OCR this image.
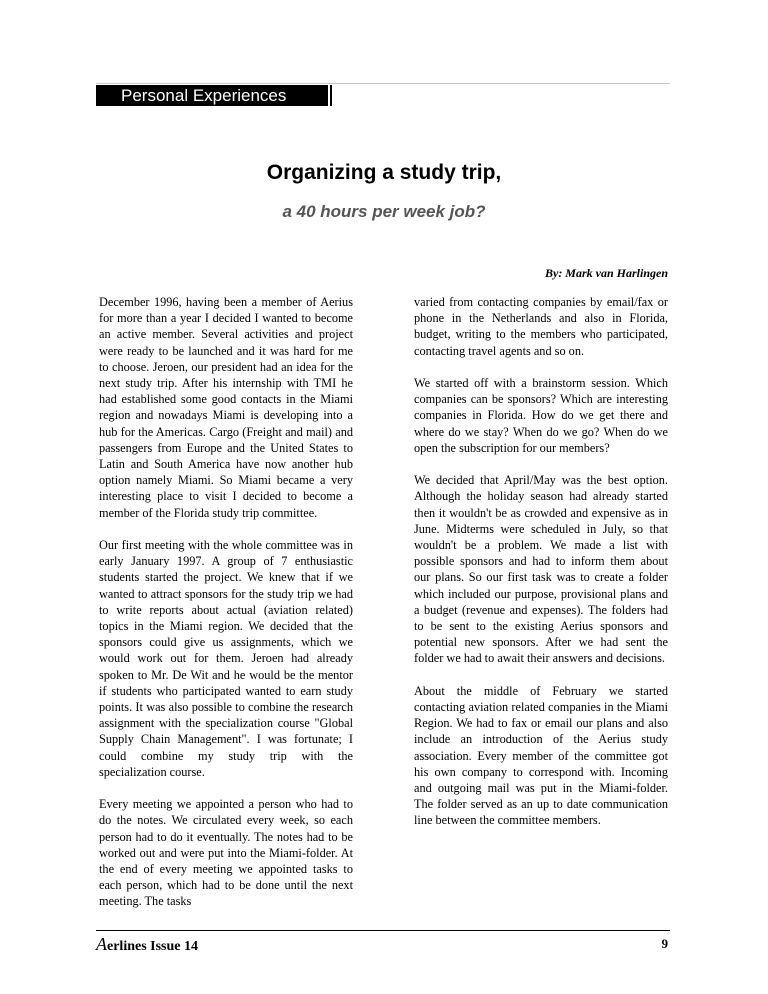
Personal Experiences
Organizing a study trip,
a 40 hours per week job?
By: Mark van Harlingen

December 1996, having been a member of Aerius for more than a year I decided I wanted to become an active member. Several activities and project were ready to be launched and it was hard for me to choose. Jeroen, our president had an idea for the next study trip. After his internship with TMI he had established some good contacts in the Miami region and nowadays Miami is developing into a hub for the Americas. Cargo (Freight and mail) and passengers from Europe and the United States to Latin and South America have now another hub option namely Miami. So Miami became a very interesting place to visit I decided to become a member of the Florida study trip committee.

Our first meeting with the whole committee was in early January 1997. A group of 7 enthusiastic students started the project. We knew that if we wanted to attract sponsors for the study trip we had to write reports about actual (aviation related) topics in the Miami region. We decided that the sponsors could give us assignments, which we would work out for them. Jeroen had already spoken to Mr. De Wit and he would be the mentor if students who participated wanted to earn study points. It was also possible to combine the research assignment with the specialization course "Global Supply Chain Management". I was fortunate; I could combine my study trip with the specialization course.

Every meeting we appointed a person who had to do the notes. We circulated every week, so each person had to do it eventually. The notes had to be worked out and were put into the Miami-folder. At the end of every meeting we appointed tasks to each person, which had to be done until the next meeting. The tasks

varied from contacting companies by email/fax or phone in the Netherlands and also in Florida, budget, writing to the members who participated, contacting travel agents and so on.

We started off with a brainstorm session. Which companies can be sponsors? Which are interesting companies in Florida. How do we get there and where do we stay? When do we go? When do we open the subscription for our members?

We decided that April/May was the best option. Although the holiday season had already started then it wouldn't be as crowded and expensive as in June. Midterms were scheduled in July, so that wouldn't be a problem. We made a list with possible sponsors and had to inform them about our plans. So our first task was to create a folder which included our purpose, provisional plans and a budget (revenue and expenses). The folders had to be sent to the existing Aerius sponsors and potential new sponsors. After we had sent the folder we had to await their answers and decisions.

About the middle of February we started contacting aviation related companies in the Miami Region. We had to fax or email our plans and also include an introduction of the Aerius study association. Every member of the committee got his own company to correspond with. Incoming and outgoing mail was put in the Miami-folder. The folder served as an up to date communication line between the committee members.

Aerlines Issue 14	9
